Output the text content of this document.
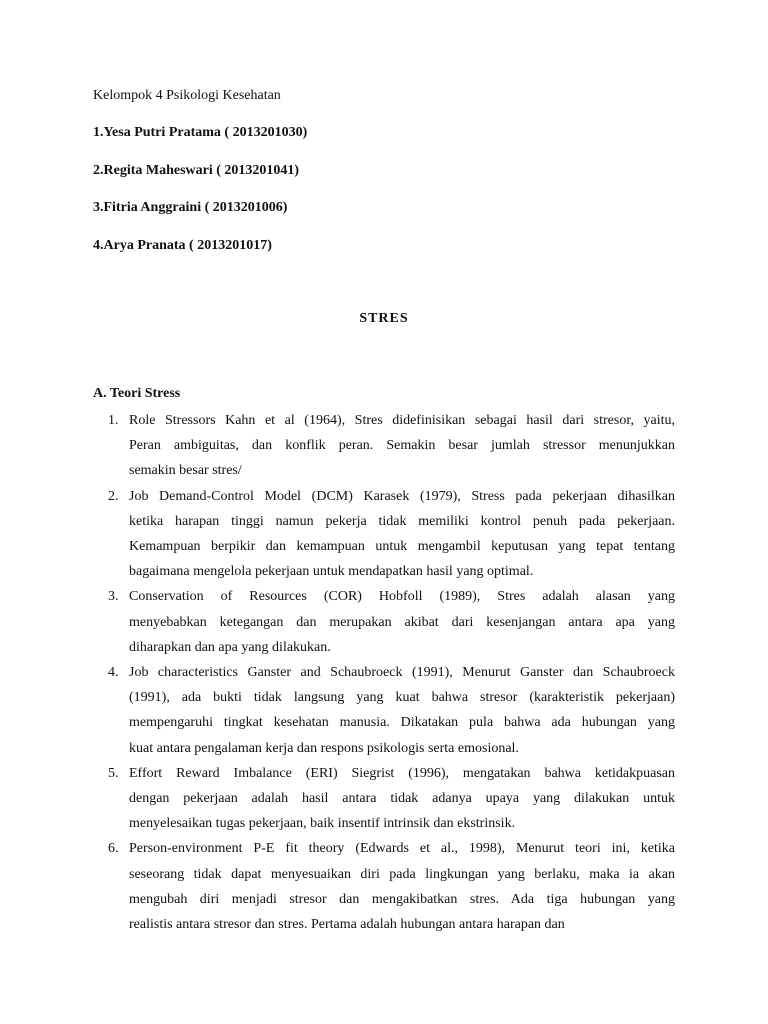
Kelompok 4 Psikologi Kesehatan

1.Yesa Putri Pratama ( 2013201030)

2.Regita Maheswari ( 2013201041)

3.Fitria Anggraini ( 2013201006)

4.Arya Pranata ( 2013201017)

STRES
A. Teori Stress
1. Role Stressors Kahn et al (1964), Stres didefinisikan sebagai hasil dari stresor, yaitu,
Peran ambiguitas, dan konflik peran. Semakin besar jumlah stressor menunjukkan
semakin besar stres/
2. Job Demand-Control Model (DCM) Karasek (1979), Stress pada pekerjaan dihasilkan
ketika harapan tinggi namun pekerja tidak memiliki kontrol penuh pada pekerjaan.
Kemampuan berpikir dan kemampuan untuk mengambil keputusan yang tepat tentang
bagaimana mengelola pekerjaan untuk mendapatkan hasil yang optimal.
3. Conservation of Resources (COR) Hobfoll (1989), Stres adalah alasan yang
menyebabkan ketegangan dan merupakan akibat dari kesenjangan antara apa yang
diharapkan dan apa yang dilakukan.
4. Job characteristics Ganster and Schaubroeck (1991), Menurut Ganster dan Schaubroeck
(1991), ada bukti tidak langsung yang kuat bahwa stresor (karakteristik pekerjaan)
mempengaruhi tingkat kesehatan manusia. Dikatakan pula bahwa ada hubungan yang
kuat antara pengalaman kerja dan respons psikologis serta emosional.
5. Effort Reward Imbalance (ERI) Siegrist (1996), mengatakan bahwa ketidakpuasan
dengan pekerjaan adalah hasil antara tidak adanya upaya yang dilakukan untuk
menyelesaikan tugas pekerjaan, baik insentif intrinsik dan ekstrinsik.
6. Person-environment P-E fit theory (Edwards et al., 1998), Menurut teori ini, ketika
seseorang tidak dapat menyesuaikan diri pada lingkungan yang berlaku, maka ia akan
mengubah diri menjadi stresor dan mengakibatkan stres. Ada tiga hubungan yang
realistis antara stresor dan stres. Pertama adalah hubungan antara harapan dan
